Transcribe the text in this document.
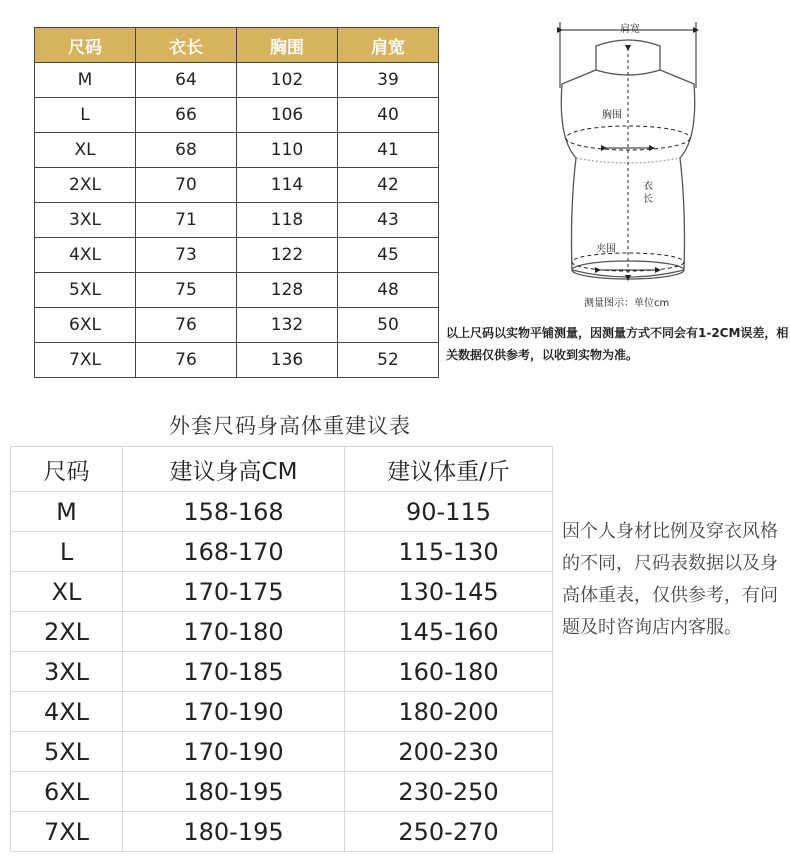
尺码	衣长	胸围	肩宽
M	64	102	39
L	66	106	40
XL	68	110	41
2XL	70	114	42
3XL	71	118	43
4XL	73	122	45
5XL	75	128	48
6XL	76	132	50
7XL	76	136	52
肩宽
胸围
衣长
夹围
测量图示：单位cm
以上尺码以实物平铺测量，因测量方式不同会有1-2CM误差，相关数据仅供参考，以收到实物为准。
外套尺码身高体重建议表
尺码	建议身高CM	建议体重/斤
M	158-168	90-115
L	168-170	115-130
XL	170-175	130-145
2XL	170-180	145-160
3XL	170-185	160-180
4XL	170-190	180-200
5XL	170-190	200-230
6XL	180-195	230-250
7XL	180-195	250-270
因个人身材比例及穿衣风格的不同，尺码表数据以及身高体重表，仅供参考，有问题及时咨询店内客服。
